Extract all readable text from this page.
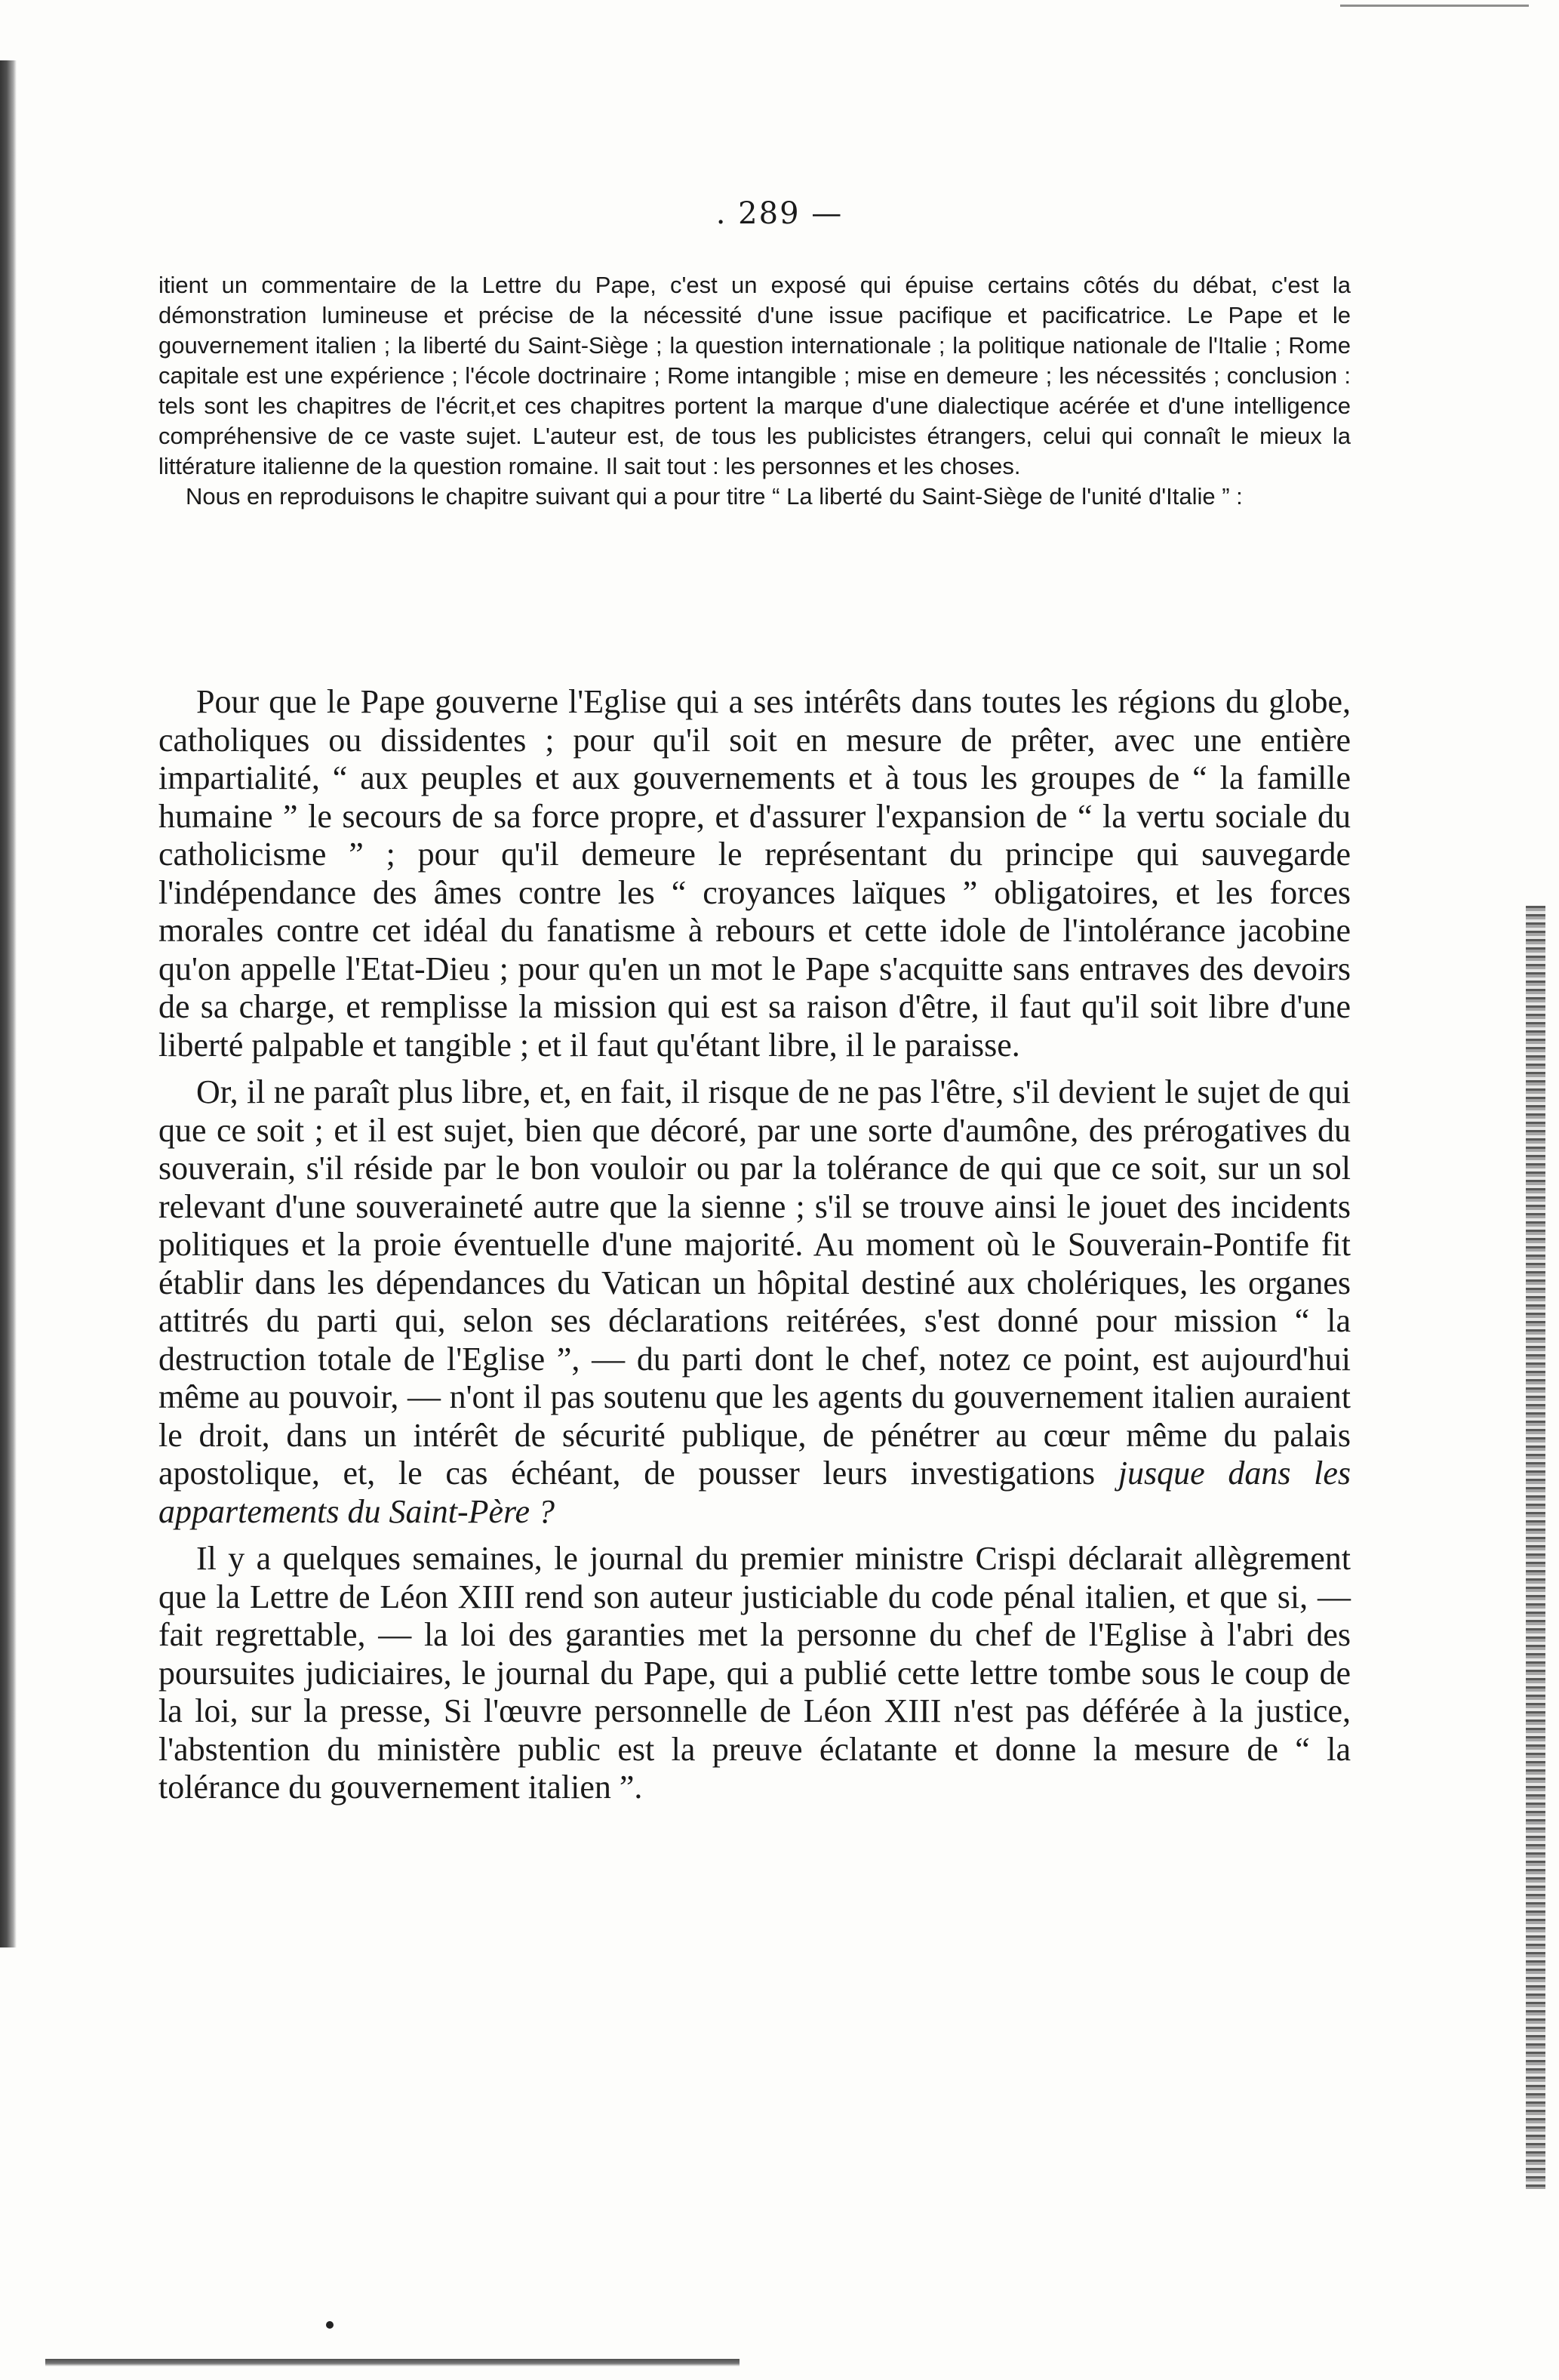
. 289 —

itient un commentaire de la Lettre du Pape, c'est un exposé qui épuise certains côtés du débat, c'est la démonstration lumineuse et précise de la nécessité d'une issue pacifique et pacificatrice. Le Pape et le gouvernement italien ; la liberté du Saint-Siège ; la question internationale ; la politique nationale de l'Italie ; Rome capitale est une expérience ; l'école doctrinaire ; Rome intangible ; mise en demeure ; les nécessités ; conclusion : tels sont les chapitres de l'écrit,et ces chapitres portent la marque d'une dialectique acérée et d'une intelligence compréhensive de ce vaste sujet. L'auteur est, de tous les publicistes étrangers, celui qui connaît le mieux la littérature italienne de la question romaine. Il sait tout : les personnes et les choses.

Nous en reproduisons le chapitre suivant qui a pour titre “ La liberté du Saint-Siège de l'unité d'Italie ” :

Pour que le Pape gouverne l'Eglise qui a ses intérêts dans toutes les régions du globe, catholiques ou dissidentes ; pour qu'il soit en mesure de prêter, avec une entière impartialité, “ aux peuples et aux gouvernements et à tous les groupes de “ la famille humaine ” le secours de sa force propre, et d'assurer l'expansion de “ la vertu sociale du catholicisme ” ; pour qu'il demeure le représentant du principe qui sauvegarde l'indépendance des âmes contre les “ croyances laïques ” obligatoires, et les forces morales contre cet idéal du fanatisme à rebours et cette idole de l'intolérance jacobine qu'on appelle l'Etat-Dieu ; pour qu'en un mot le Pape s'acquitte sans entraves des devoirs de sa charge, et remplisse la mission qui est sa raison d'être, il faut qu'il soit libre d'une liberté palpable et tangible ; et il faut qu'étant libre, il le paraisse.

Or, il ne paraît plus libre, et, en fait, il risque de ne pas l'être, s'il devient le sujet de qui que ce soit ; et il est sujet, bien que décoré, par une sorte d'aumône, des prérogatives du souverain, s'il réside par le bon vouloir ou par la tolérance de qui que ce soit, sur un sol relevant d'une souveraineté autre que la sienne ; s'il se trouve ainsi le jouet des incidents politiques et la proie éventuelle d'une majorité. Au moment où le Souverain-Pontife fit établir dans les dépendances du Vatican un hôpital destiné aux cholériques, les organes attitrés du parti qui, selon ses déclarations reitérées, s'est donné pour mission “ la destruction totale de l'Eglise ”, — du parti dont le chef, notez ce point, est aujourd'hui même au pouvoir, — n'ont il pas soutenu que les agents du gouvernement italien auraient le droit, dans un intérêt de sécurité publique, de pénétrer au cœur même du palais apostolique, et, le cas échéant, de pousser leurs investigations jusque dans les appartements du Saint-Père ?

Il y a quelques semaines, le journal du premier ministre Crispi déclarait allègrement que la Lettre de Léon XIII rend son auteur justiciable du code pénal italien, et que si, —fait regrettable, — la loi des garanties met la personne du chef de l'Eglise à l'abri des poursuites judiciaires, le journal du Pape, qui a publié cette lettre tombe sous le coup de la loi, sur la presse, Si l'œuvre personnelle de Léon XIII n'est pas déférée à la justice, l'abstention du ministère public est la preuve éclatante et donne la mesure de “ la tolérance du gouvernement italien ”.
